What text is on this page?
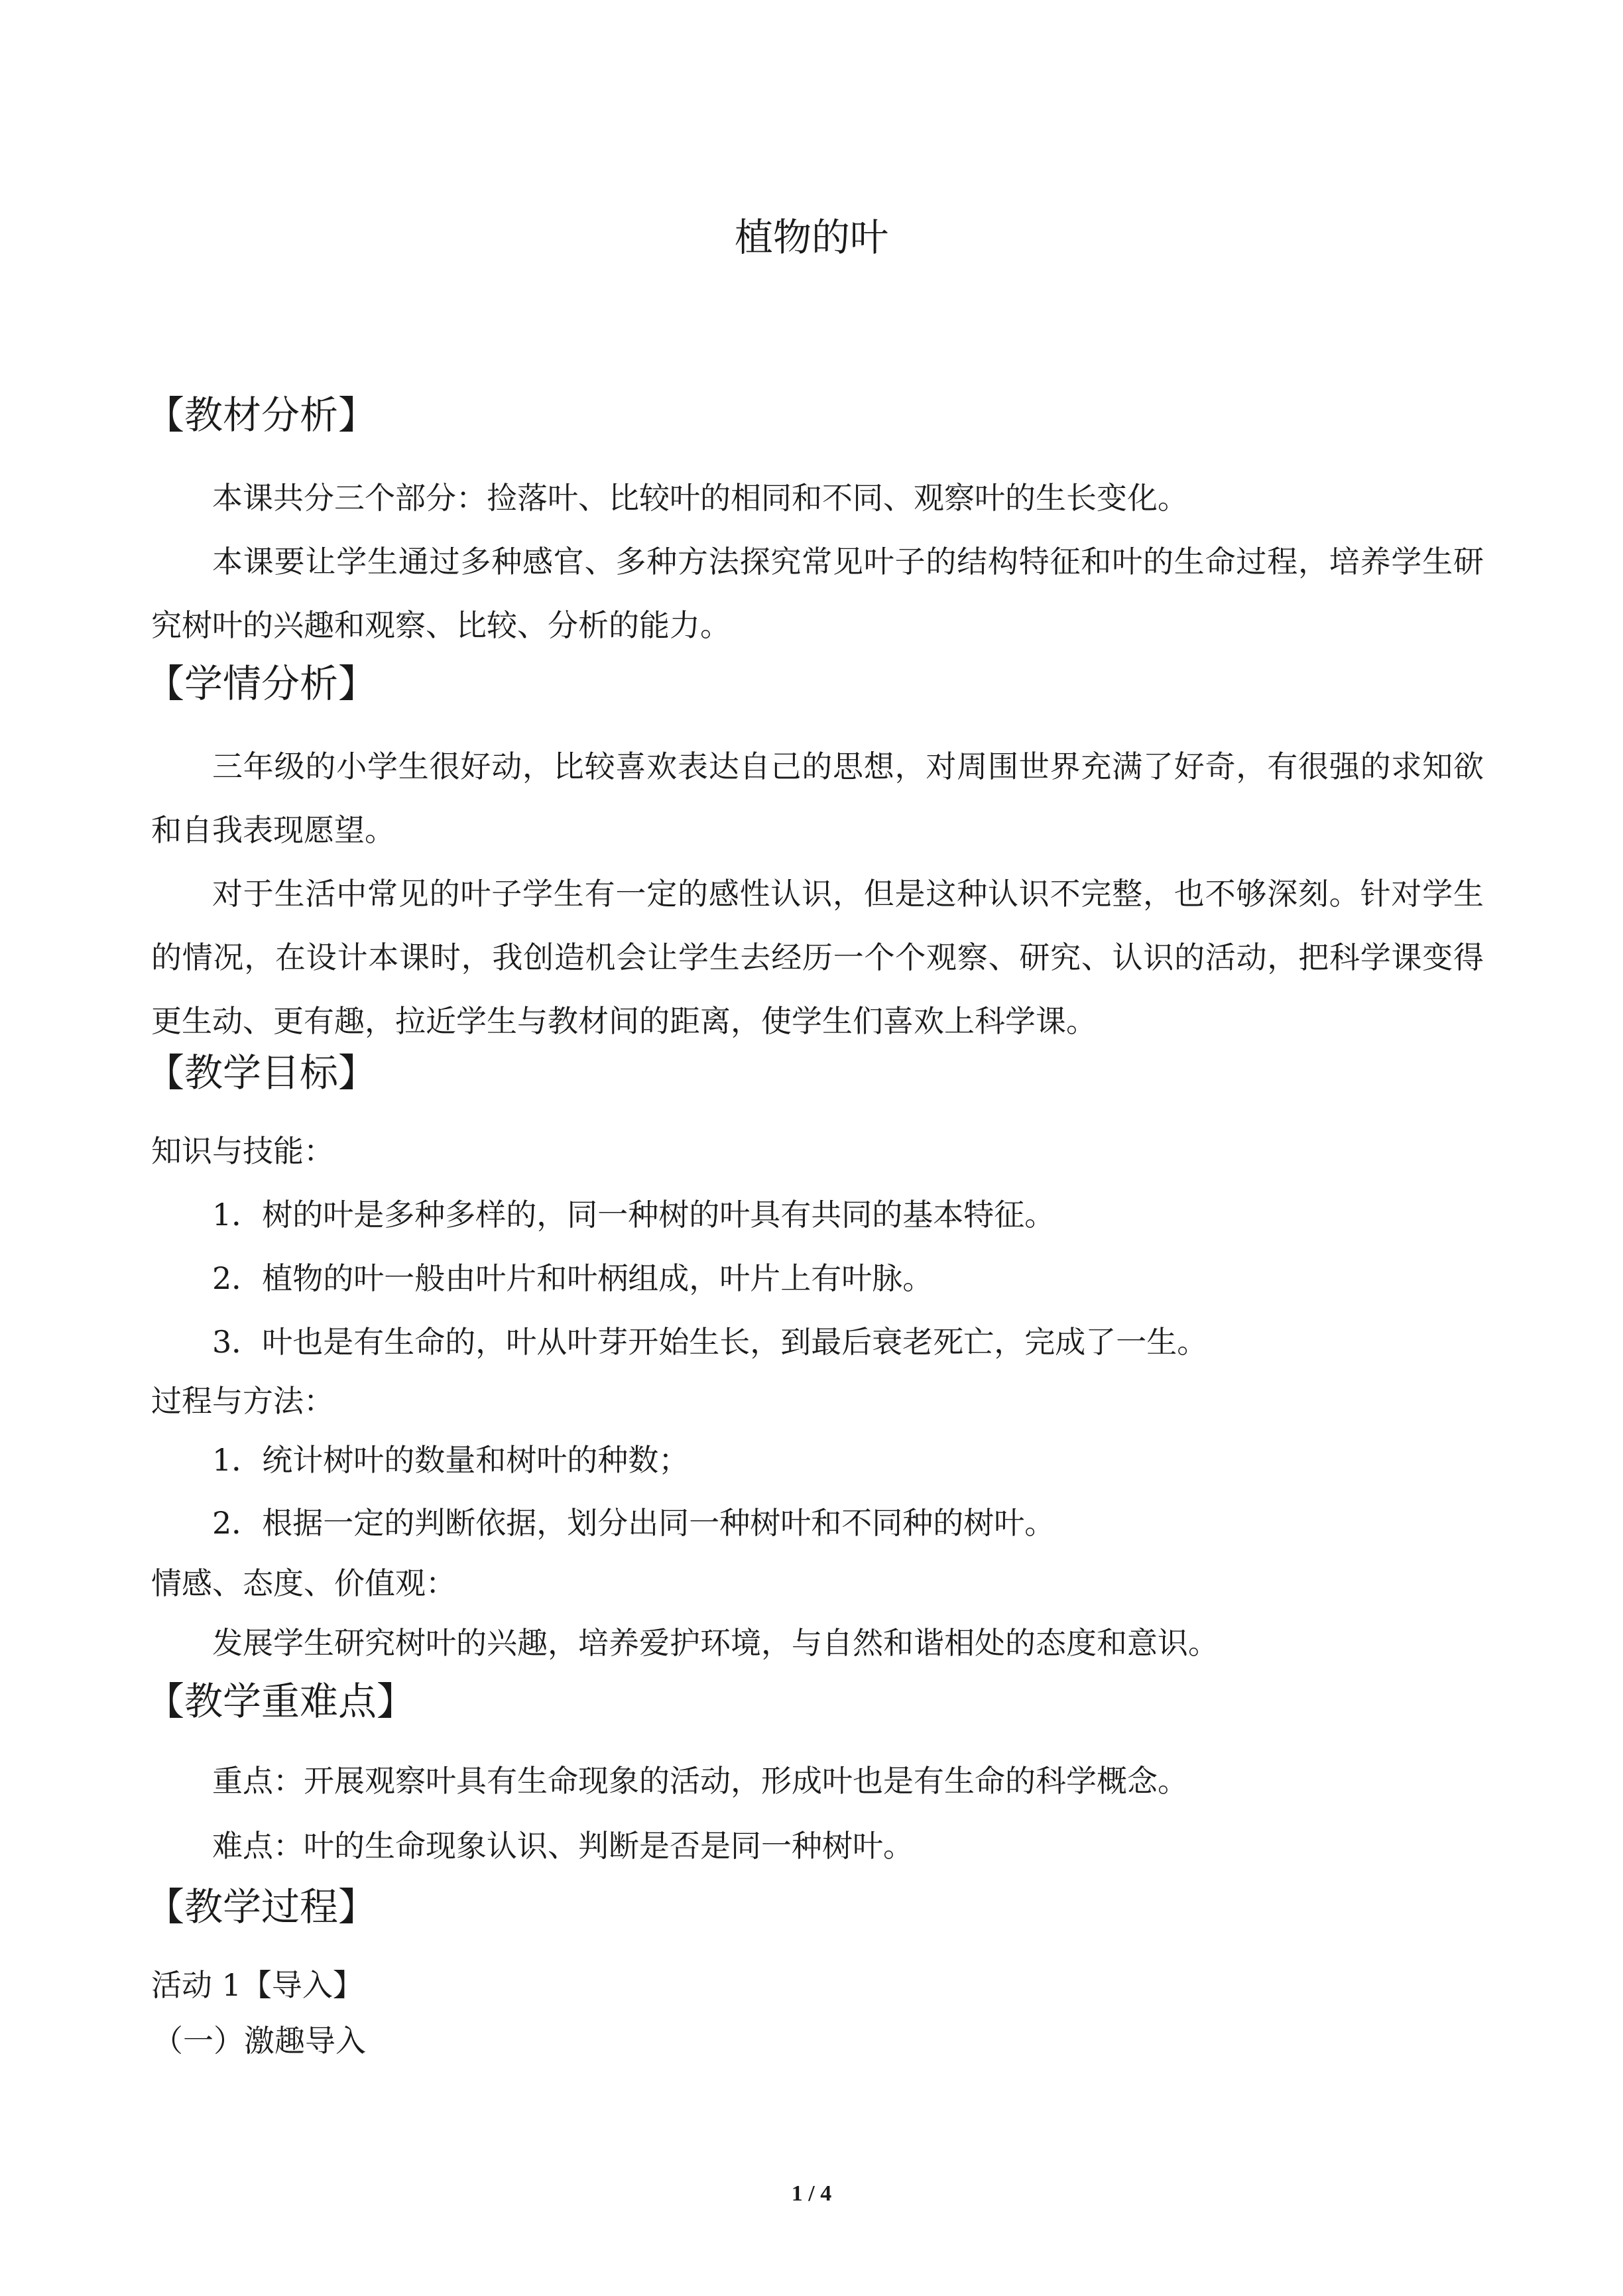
植物的叶
【教材分析】

本课共分三个部分：捡落叶、比较叶的相同和不同、观察叶的生长变化。

本课要让学生通过多种感官、多种方法探究常见叶子的结构特征和叶的生命过程，培养学生研究树叶的兴趣和观察、比较、分析的能力。

【学情分析】

三年级的小学生很好动，比较喜欢表达自己的思想，对周围世界充满了好奇，有很强的求知欲和自我表现愿望。

对于生活中常见的叶子学生有一定的感性认识，但是这种认识不完整，也不够深刻。针对学生的情况，在设计本课时，我创造机会让学生去经历一个个观察、研究、认识的活动，把科学课变得更生动、更有趣，拉近学生与教材间的距离，使学生们喜欢上科学课。

【教学目标】
知识与技能：
1．树的叶是多种多样的，同一种树的叶具有共同的基本特征。
2．植物的叶一般由叶片和叶柄组成，叶片上有叶脉。
3．叶也是有生命的，叶从叶芽开始生长，到最后衰老死亡，完成了一生。
过程与方法：
1．统计树叶的数量和树叶的种数；
2．根据一定的判断依据，划分出同一种树叶和不同种的树叶。
情感、态度、价值观：
发展学生研究树叶的兴趣，培养爱护环境，与自然和谐相处的态度和意识。
【教学重难点】
重点：开展观察叶具有生命现象的活动，形成叶也是有生命的科学概念。
难点：叶的生命现象认识、判断是否是同一种树叶。
【教学过程】
活动 1【导入】
（一）激趣导入
1 / 4
